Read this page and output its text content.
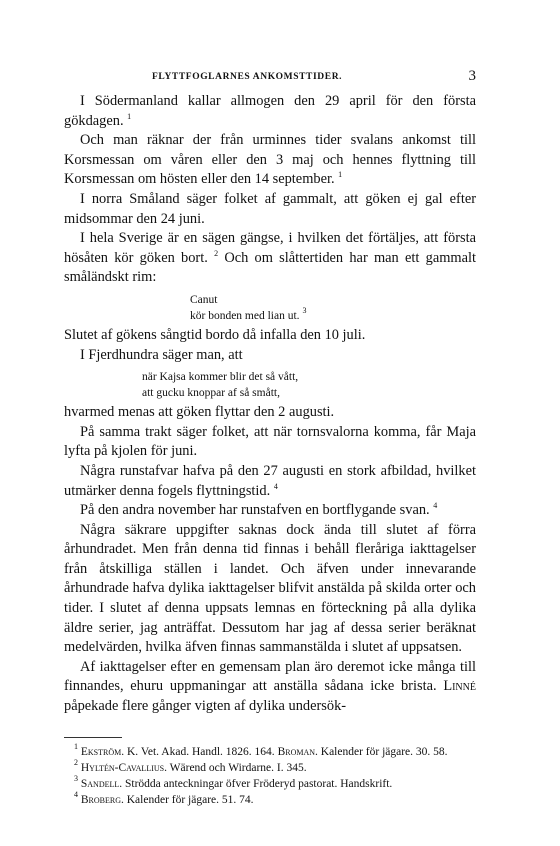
FLYTTFOGLARNES ANKOMSTTIDER.	3

I Södermanland kallar allmogen den 29 april för den första gökdagen. $^1$

Och man räknar der från urminnes tider svalans ankomst till Korsmessan om våren eller den 3 maj och hennes flyttning till Korsmessan om hösten eller den 14 september. $^1$

I norra Småland säger folket af gammalt, att göken ej gal efter midsommar den 24 juni.

I hela Sverige är en sägen gängse, i hvilken det förtäljes, att första hösåten kör göken bort. $^2$ Och om slåttertiden har man ett gammalt småländskt rim:

Canut

kör bonden med lian ut. $^3$

Slutet af gökens sångtid bordo då infalla den 10 juli.

I Fjerdhundra säger man, att

när Kajsa kommer blir det så vått,

att gucku knoppar af så smått,

hvarmed menas att göken flyttar den 2 augusti.

På samma trakt säger folket, att när tornsvalorna komma, får Maja lyfta på kjolen för juni.

Några runstafvar hafva på den 27 augusti en stork afbildad, hvilket utmärker denna fogels flyttningstid. $^4$

På den andra november har runstafven en bortflygande svan. $^4$

Några säkrare uppgifter saknas dock ända till slutet af förra århundradet. Men från denna tid finnas i behåll fleråriga iakttagelser från åtskilliga ställen i landet. Och äfven under innevarande århundrade hafva dylika iakttagelser blifvit anstälda på skilda orter och tider. I slutet af denna uppsats lemnas en förteckning på alla dylika äldre serier, jag anträffat. Dessutom har jag af dessa serier beräknat medelvärden, hvilka äfven finnas sammanstälda i slutet af uppsatsen.

Af iakttagelser efter en gemensam plan äro deremot icke många till finnandes, ehuru uppmaningar att anställa sådana icke brista. Linné påpekade flere gånger vigten af dylika undersök-

$^1$ Ekström. K. Vet. Akad. Handl. 1826. 164. Broman. Kalender för jägare. 30. 58.

$^2$ Hyltén-Cavallius. Wärend och Wirdarne. I. 345.

$^3$ Sandell. Strödda anteckningar öfver Fröderyd pastorat. Handskrift.

$^4$ Broberg. Kalender för jägare. 51. 74.
